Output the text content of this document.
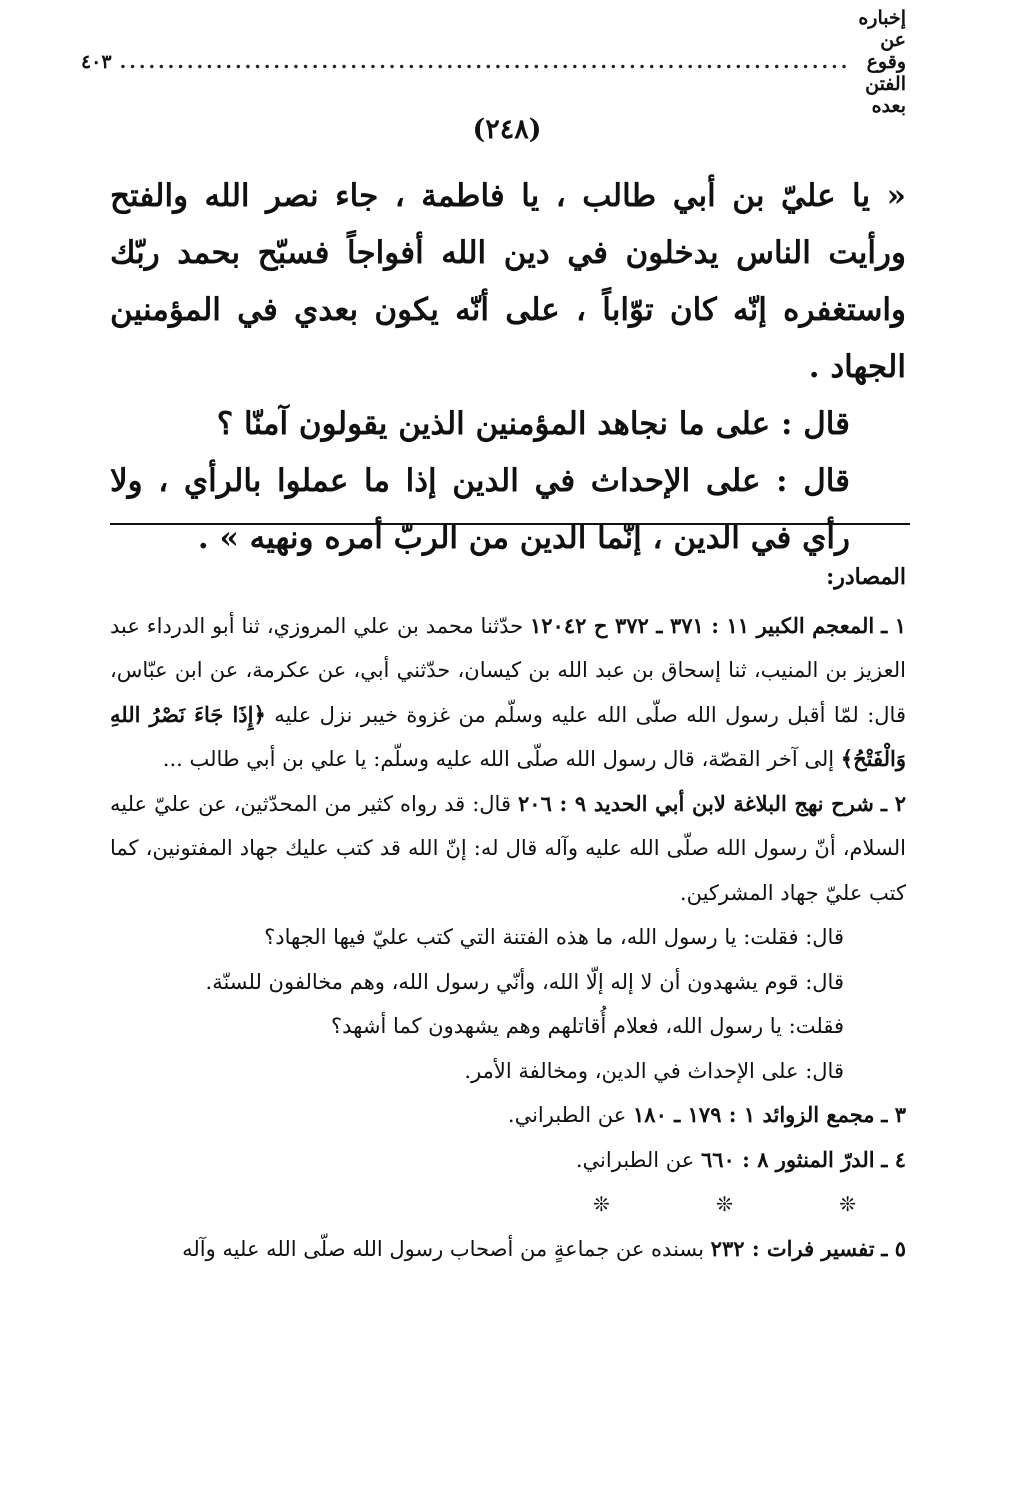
إخباره عن وقوع الفتن بعده
............................................................................
٤٠٣
(٢٤٨)

« يا عليّ بن أبي طالب ، يا فاطمة ، جاء نصر الله والفتح ورأيت الناس يدخلون في دين الله أفواجاً فسبّح بحمد ربّك واستغفره إنّه كان توّاباً ، على أنّه يكون بعدي في المؤمنين الجهاد .

قال : على ما نجاهد المؤمنين الذين يقولون آمنّا ؟

قال : على الإحداث في الدين إذا ما عملوا بالرأي ، ولا رأي في الدين ، إنّما الدين من الربّ أمره ونهيه » .

المصادر:

١ ـ المعجم الكبير ١١ : ٣٧١ ـ ٣٧٢ ح ١٢٠٤٢ حدّثنا محمد بن علي المروزي، ثنا أبو الدرداء عبد العزيز بن المنيب، ثنا إسحاق بن عبد الله بن كيسان، حدّثني أبي، عن عكرمة، عن ابن عبّاس، قال: لمّا أقبل رسول الله صلّى الله عليه وسلّم من غزوة خيبر نزل عليه ﴿إِذَا جَاءَ نَصْرُ اللهِ وَالْفَتْحُ﴾ إلى آخر القصّة، قال رسول الله صلّى الله عليه وسلّم: يا علي بن أبي طالب ...

٢ ـ شرح نهج البلاغة لابن أبي الحديد ٩ : ٢٠٦ قال: قد رواه كثير من المحدّثين، عن عليّ عليه السلام، أنّ رسول الله صلّى الله عليه وآله قال له: إنّ الله قد كتب عليك جهاد المفتونين، كما كتب عليّ جهاد المشركين.

قال: فقلت: يا رسول الله، ما هذه الفتنة التي كتب عليّ فيها الجهاد؟

قال: قوم يشهدون أن لا إله إلّا الله، وأنّي رسول الله، وهم مخالفون للسنّة.

فقلت: يا رسول الله، فعلام أُقاتلهم وهم يشهدون كما أشهد؟

قال: على الإحداث في الدين، ومخالفة الأمر.

٣ ـ مجمع الزوائد ١ : ١٧٩ ـ ١٨٠ عن الطبراني.

٤ ـ الدرّ المنثور ٨ : ٦٦٠ عن الطبراني.

❊ ❊ ❊

٥ ـ تفسير فرات : ٢٣٢ بسنده عن جماعةٍ من أصحاب رسول الله صلّى الله عليه وآله
